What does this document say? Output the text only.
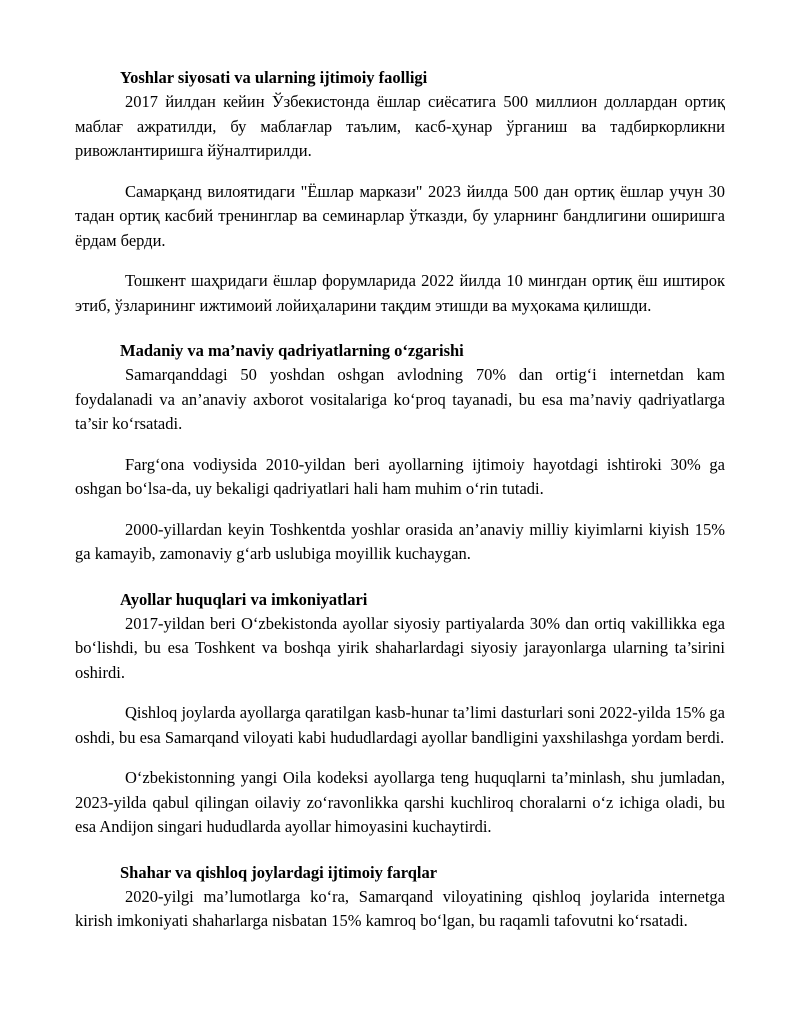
Yoshlar siyosati va ularning ijtimoiy faolligi

2017 йилдан кейин Ўзбекистонда ёшлар сиёсатига 500 миллион доллардан ортиқ маблағ ажратилди, бу маблағлар таълим, касб-ҳунар ўрганиш ва тадбиркорликни ривожлантиришга йўналтирилди.

Самарқанд вилоятидаги "Ёшлар маркази" 2023 йилда 500 дан ортиқ ёшлар учун 30 тадан ортиқ касбий тренинглар ва семинарлар ўтказди, бу уларнинг бандлигини оширишга ёрдам берди.

Тошкент шаҳридаги ёшлар форумларида 2022 йилда 10 мингдан ортиқ ёш иштирок этиб, ўзларининг ижтимоий лойиҳаларини тақдим этишди ва муҳокама қилишди.

Madaniy va ma’naviy qadriyatlarning o‘zgarishi

Samarqanddagi 50 yoshdan oshgan avlodning 70% dan ortig‘i internetdan kam foydalanadi va an’anaviy axborot vositalariga ko‘proq tayanadi, bu esa ma’naviy qadriyatlarga ta’sir ko‘rsatadi.

Farg‘ona vodiysida 2010-yildan beri ayollarning ijtimoiy hayotdagi ishtiroki 30% ga oshgan bo‘lsa-da, uy bekaligi qadriyatlari hali ham muhim o‘rin tutadi.

2000-yillardan keyin Toshkentda yoshlar orasida an’anaviy milliy kiyimlarni kiyish 15% ga kamayib, zamonaviy g‘arb uslubiga moyillik kuchaygan.

Ayollar huquqlari va imkoniyatlari

2017-yildan beri O‘zbekistonda ayollar siyosiy partiyalarda 30% dan ortiq vakillikka ega bo‘lishdi, bu esa Toshkent va boshqa yirik shaharlardagi siyosiy jarayonlarga ularning ta’sirini oshirdi.

Qishloq joylarda ayollarga qaratilgan kasb-hunar ta’limi dasturlari soni 2022-yilda 15% ga oshdi, bu esa Samarqand viloyati kabi hududlardagi ayollar bandligini yaxshilashga yordam berdi.

O‘zbekistonning yangi Oila kodeksi ayollarga teng huquqlarni ta’minlash, shu jumladan, 2023-yilda qabul qilingan oilaviy zo‘ravonlikka qarshi kuchliroq choralarni o‘z ichiga oladi, bu esa Andijon singari hududlarda ayollar himoyasini kuchaytirdi.

Shahar va qishloq joylardagi ijtimoiy farqlar

2020-yilgi ma’lumotlarga ko‘ra, Samarqand viloyatining qishloq joylarida internetga kirish imkoniyati shaharlarga nisbatan 15% kamroq bo‘lgan, bu raqamli tafovutni ko‘rsatadi.
